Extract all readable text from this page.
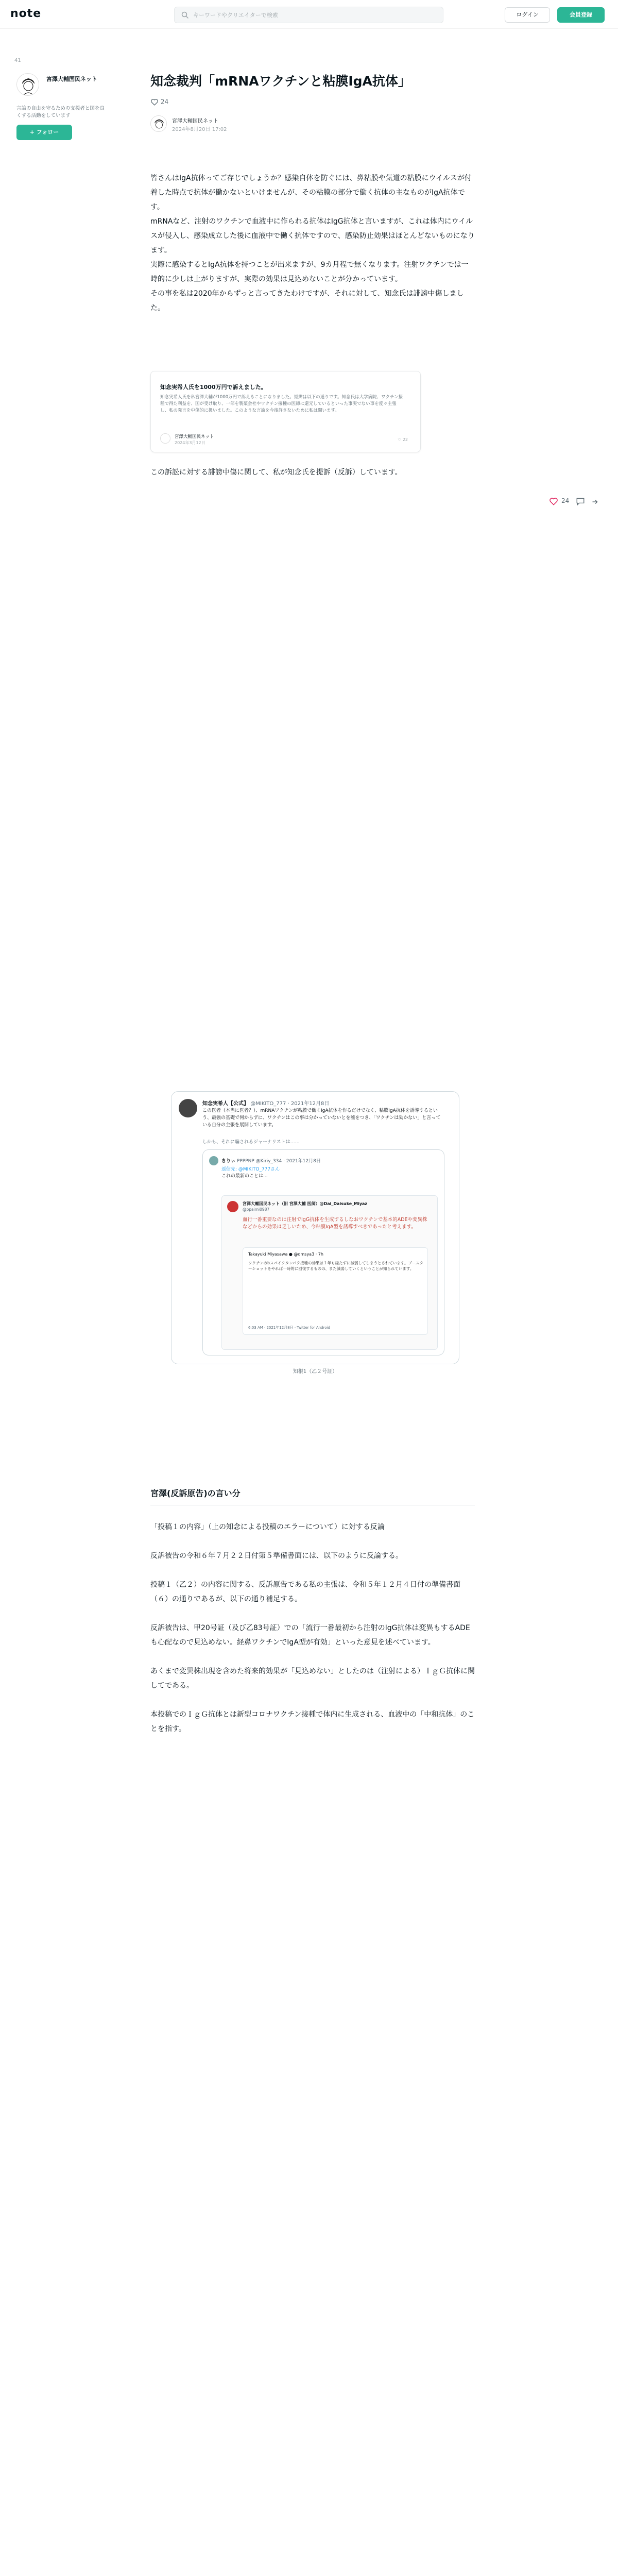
note
キーワードやクリエイターで検索	ログイン	会員登録
41
宮澤大輔国民ネット
言論の自由を守るための支援者と国を良くする活動をしています
+ フォロー
知念裁判「mRNAワクチンと粘膜IgA抗体」
24
宮澤大輔国民ネット
2024年8月20日 17:02

皆さんはIgA抗体ってご存じでしょうか？感染自体を防ぐには、鼻粘膜や気道の粘膜にウイルスが付着した時点で抗体が働かないといけませんが、その粘膜の部分で働く抗体の主なものがIgA抗体です。

mRNAなど、注射のワクチンで血液中に作られる抗体はIgG抗体と言いますが、これは体内にウイルスが侵入し、感染成立した後に血液中で働く抗体ですので、感染防止効果はほとんどないものになります。

実際に感染するとIgA抗体を持つことが出来ますが、9カ月程で無くなります。注射ワクチンでは一時的に少しは上がりますが、実際の効果は見込めないことが分かっています。

その事を私は2020年からずっと言ってきたわけですが、それに対して、知念氏は誹謗中傷しました。

知念実希人氏を1000万円で訴えました。
知念実希人氏を私宮澤大輔が1000万円で訴えることになりました。経緯は以下の通りです。知念氏は大学病院、ワクチン接種で得た利益を、国が受け取り、一部を製薬会社やワクチン接種の医師に還元しているといった事実でない事を度々主張し、私の発言を中傷的に扱いました。このような言論を今後許さないために私は闘います。
宮澤大輔国民ネット
2024年3月12日
♡ 22

この訴訟に対する誹謗中傷に関して、私が知念氏を提訴（反訴）しています。

知念実希人【公式】 @MIKITO_777 · 2021年12月8日
この医者（本当に医者？）、mRNAワクチンが粘膜で働くIgA抗体を作るだけでなく、粘膜IgA抗体を誘導するという、最強の基礎で何からずに、ワクチンはこの事は分かっていないとを嘘をつき、「ワクチンは効かない」と言っている自分の主張を展開しています。
しかも、それに騙されるジャーナリストは……
きりぃ PPPPNP @Kiriy_334 · 2021年12月8日
返信先: @MIKITO_777さん
これの最新のことは...
宮澤大輔国民ネット（旧 宮澤大輔 医師）@Dai_Daisuke_Miyaz
@ppaimi0987
血行一番重要なのは注射でIgG抗体を生成するしなおワクチンで基本的ADEや変異株などからの効果は乏しいため、今粘膜IgA型を誘導すべきであったと考えます。
Takayuki Miyasawa ● @dmsya3 · 7h
ワクチンのbスパイクタンパク接種の効果は１年も経たずに減弱してしまうとされています。ブースターショットをやれば一時的に回復するものの、また減弱していくということが知られています。
6:03 AM · 2021年12月8日 · Twitter for Android
知根1（乙２号証）
宮澤(反訴原告)の言い分

「投稿１の内容」（上の知念による投稿のエラーについて）に対する反論

反訴被告の令和６年７月２２日付第５準備書面には、以下のように反論する。

投稿１（乙２）の内容に関する、反訴原告である私の主張は、令和５年１２月４日付の準備書面（６）の通りであるが、以下の通り補足する。

反訴被告は、甲20号証（及び乙83号証）での「流行一番最初から注射のIgG抗体は変異もするADEも心配なので見込めない。経鼻ワクチンでIgA型が有効」といった意見を述べています。

あくまで変異株出現を含めた将来的効果が「見込めない」としたのは（注射による）ＩｇＧ抗体に関してである。

本投稿でのＩｇＧ抗体とは新型コロナワクチン接種で体内に生成される、血液中の「中和抗体」のことを指す。

24
